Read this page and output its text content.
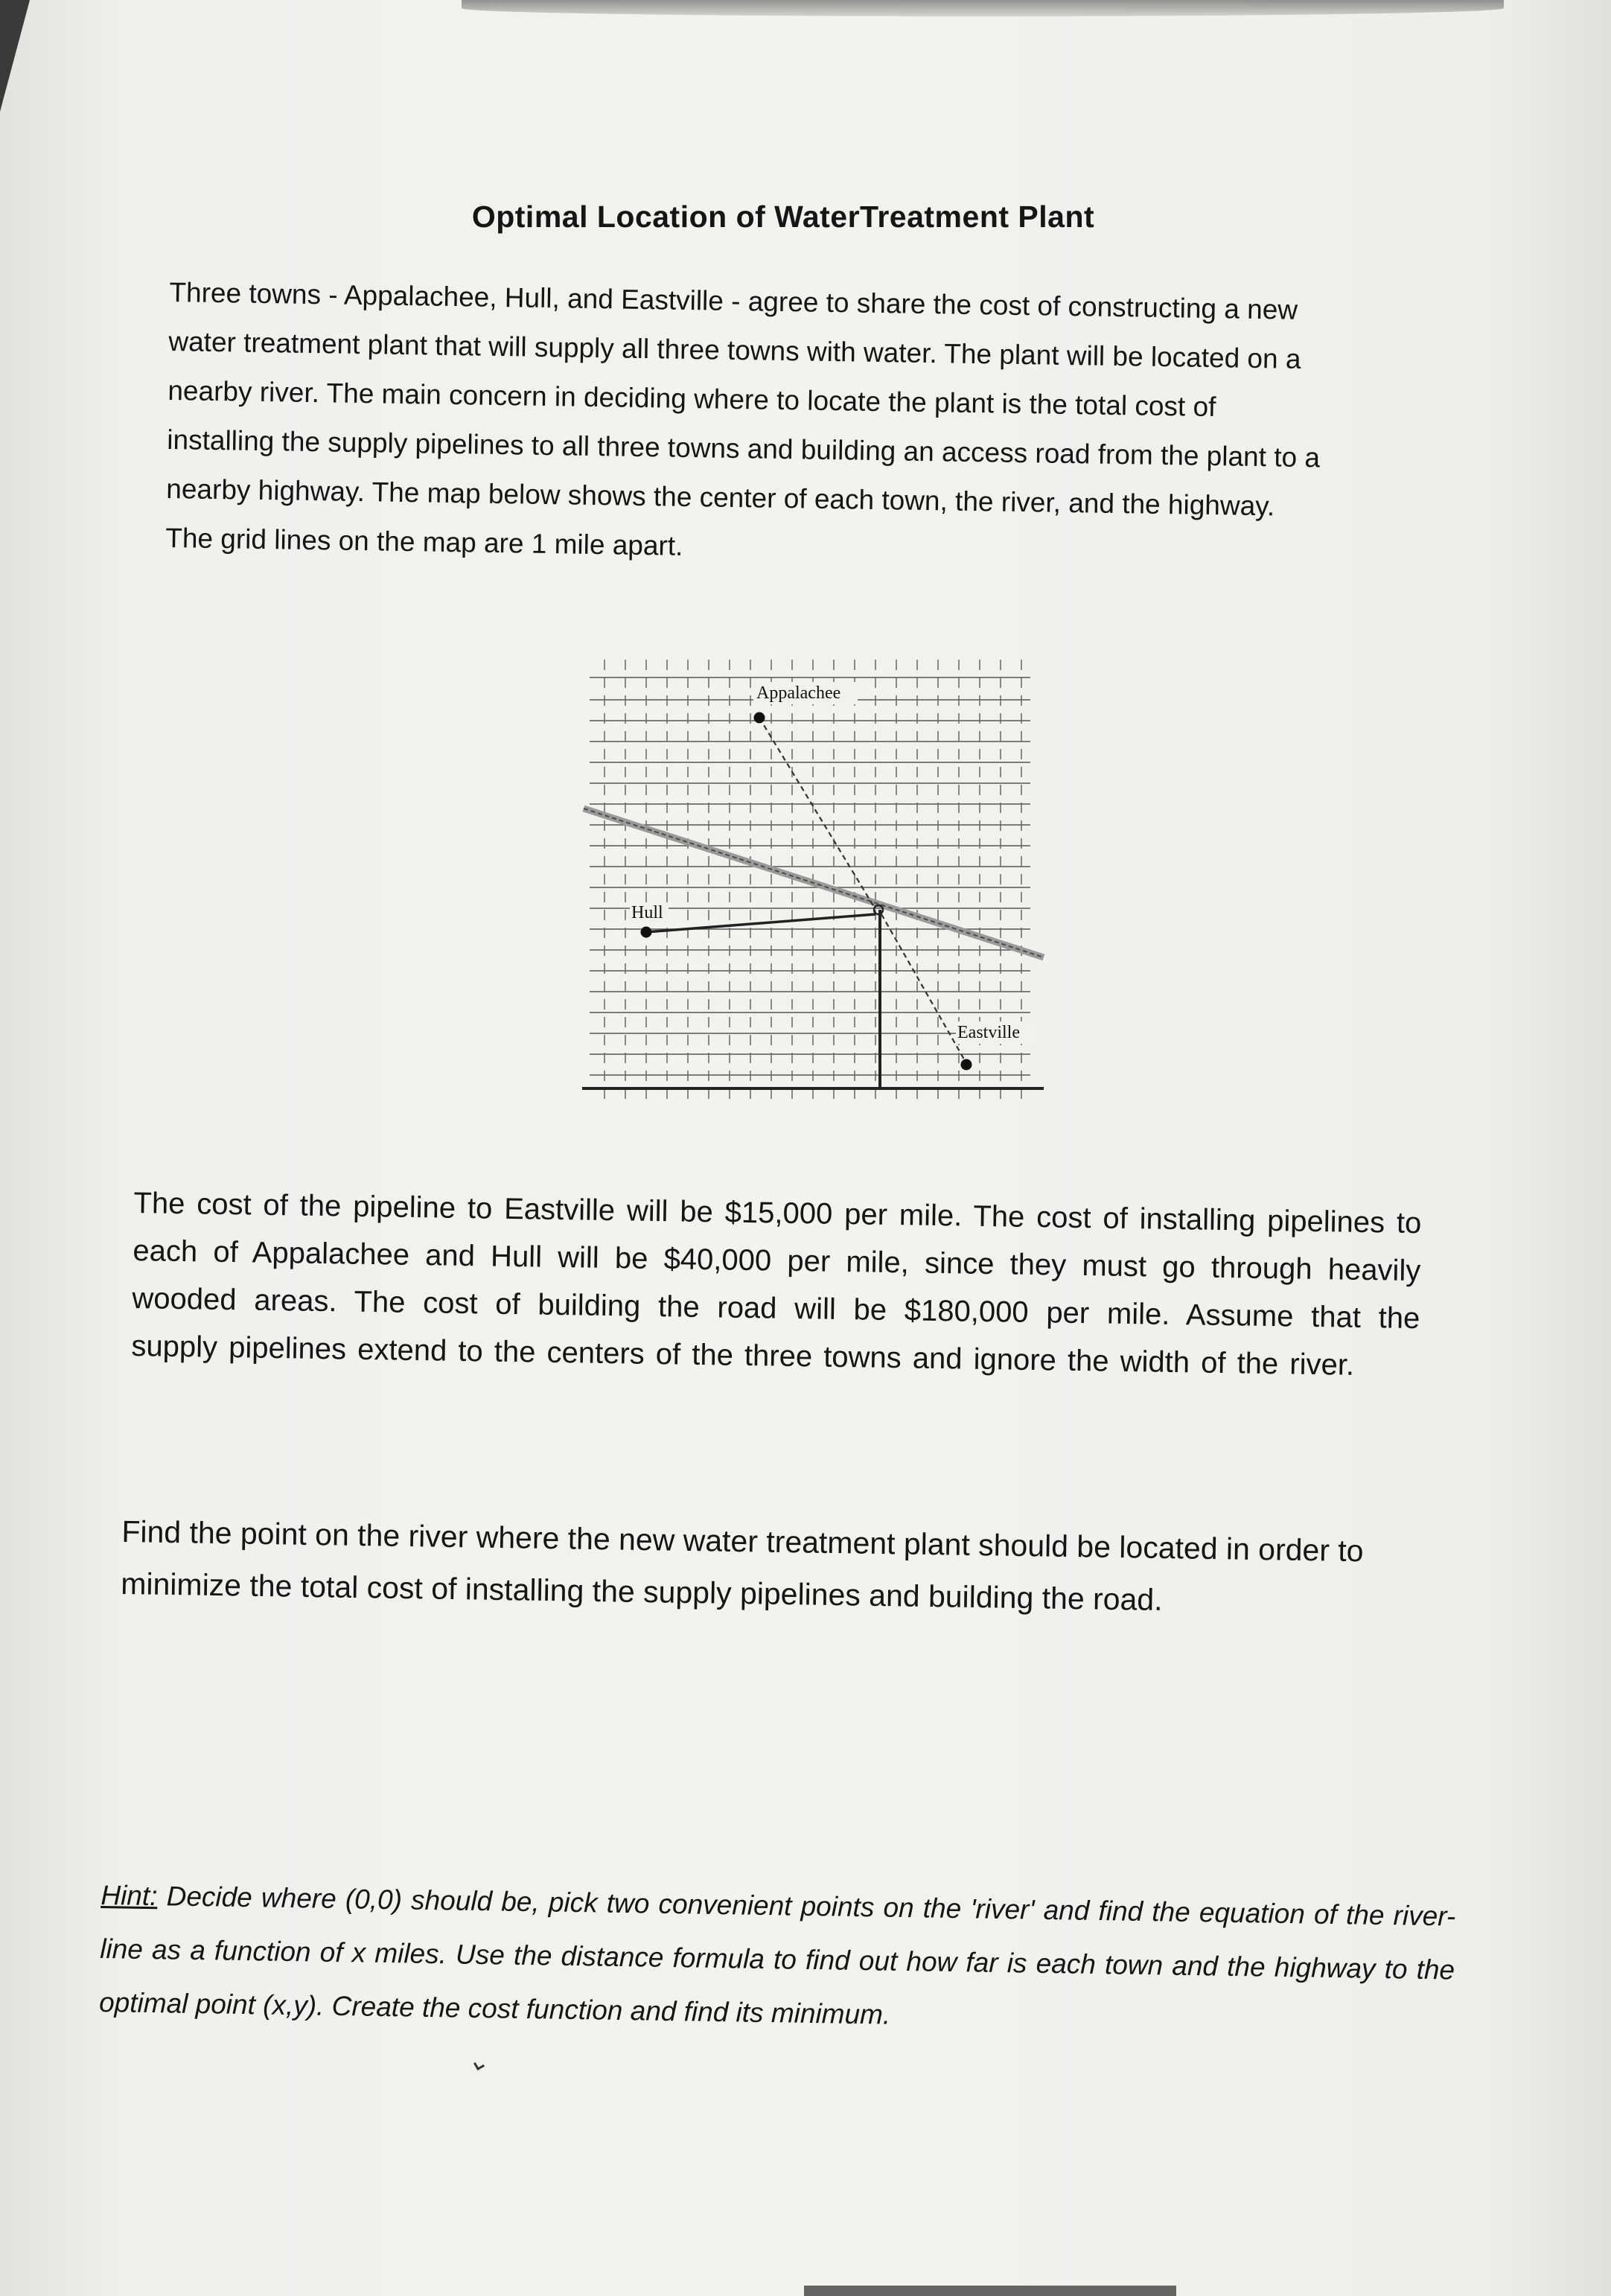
Optimal Location of WaterTreatment Plant

Three towns - Appalachee, Hull, and Eastville - agree to share the cost of constructing a new water treatment plant that will supply all three towns with water. The plant will be located on a nearby river. The main concern in deciding where to locate the plant is the total cost of installing the supply pipelines to all three towns and building an access road from the plant to a nearby highway. The map below shows the center of each town, the river, and the highway. The grid lines on the map are 1 mile apart.

Appalachee
Hull
Eastville

The cost of the pipeline to Eastville will be $15,000 per mile. The cost of installing pipelines to each of Appalachee and Hull will be $40,000 per mile, since they must go through heavily wooded areas. The cost of building the road will be $180,000 per mile. Assume that the supply pipelines extend to the centers of the three towns and ignore the width of the river.

Find the point on the river where the new water treatment plant should be located in order to minimize the total cost of installing the supply pipelines and building the road.

Hint: Decide where (0,0) should be, pick two convenient points on the 'river' and find the equation of the river-line as a function of x miles. Use the distance formula to find out how far is each town and the highway to the optimal point (x,y). Create the cost function and find its minimum.
